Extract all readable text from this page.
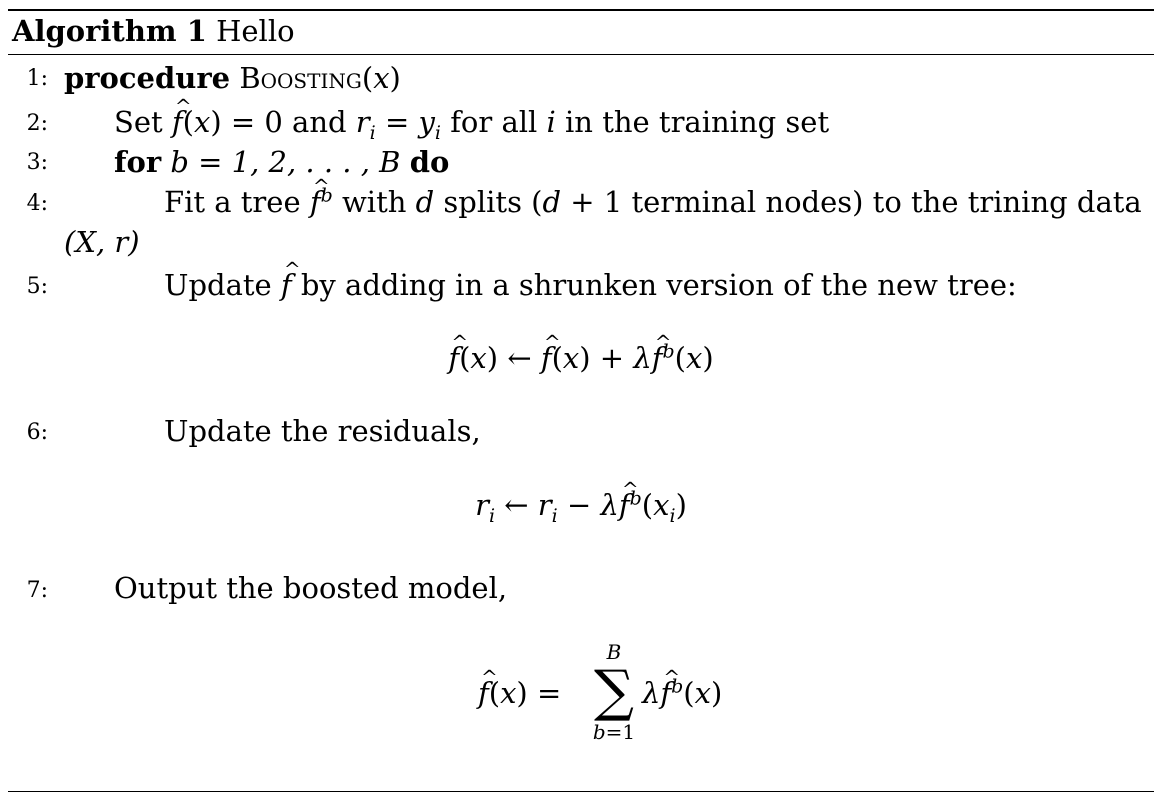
Algorithm 1 Hello
1: procedure Boosting(x)
2: Set ^ f(x) = 0 and $r_i = y_i$ for all i in the training set
3: for b = 1, 2, . . . , B do
4:	Fit a tree ^ $f^b$ with d splits (d + 1 terminal nodes) to the trining data
(X, r)
5:	Update ^ f by adding in a shrunken version of the new tree:
^ f(x) ← ^ f(x) + λ^ $f^b(x)$
6:	Update the residuals,
$r_i$ ← $r_i$ − λ^ $f^b(x_i)$
7: Output the boosted model,
^ f(x) =
B
∑
b=1
λ^ $f^b(x)$
